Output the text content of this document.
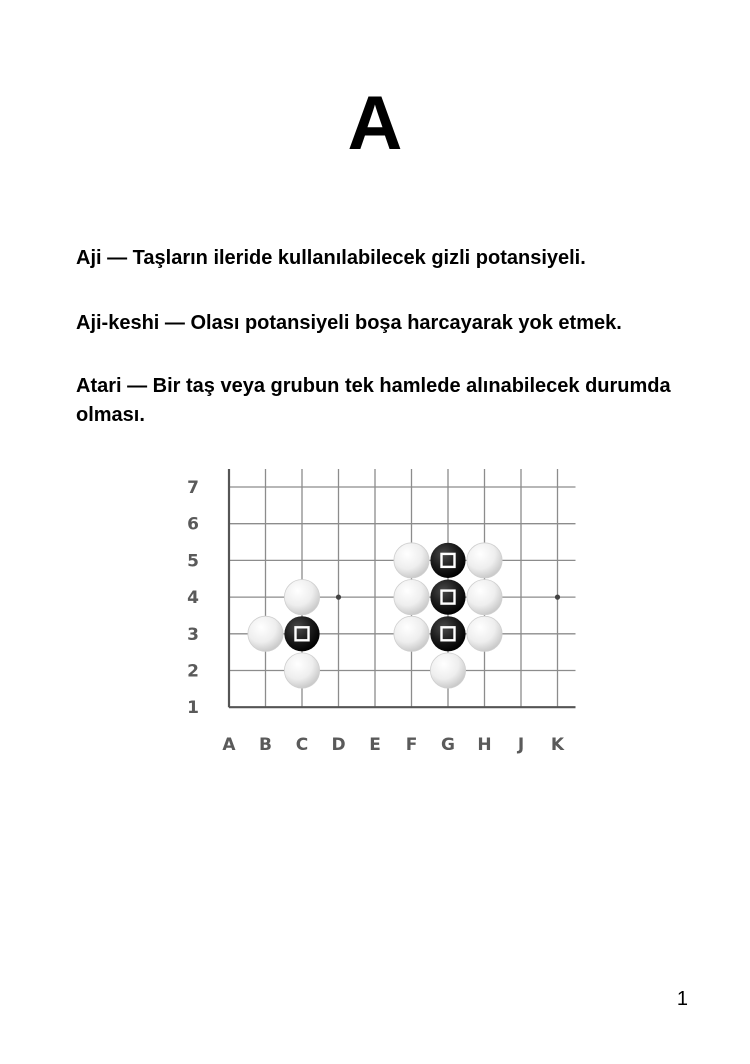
A

Aji — Taşların ileride kullanılabilecek gizli potansiyeli.

Aji-keshi — Olası potansiyeli boşa harcayarak yok etmek.

Atari — Bir taş veya grubun tek hamlede alınabilecek durumda olması.

7
6
5
4
3
2
1
A B C D E F G H J K
1
